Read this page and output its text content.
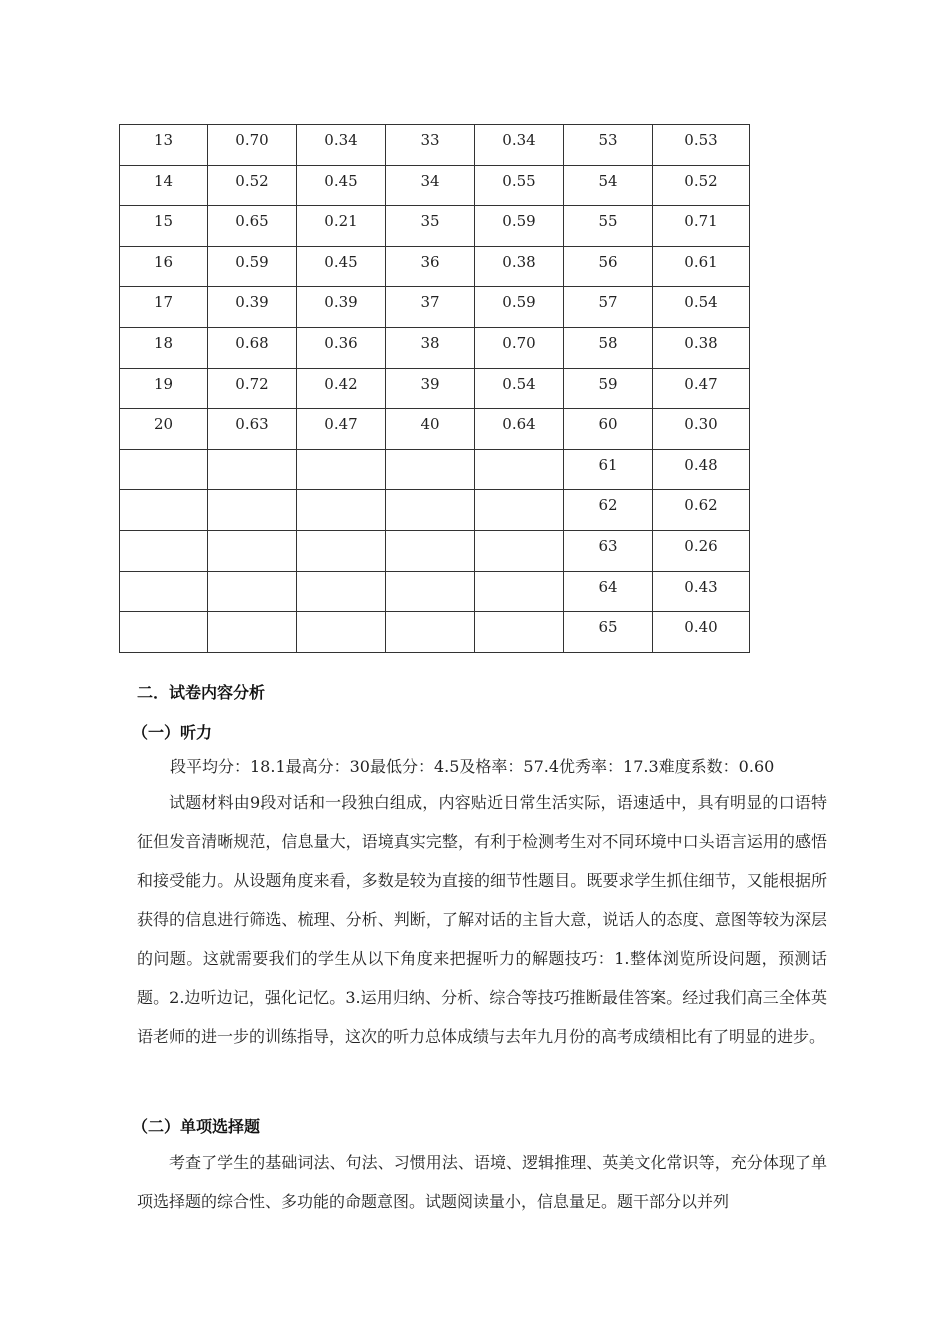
13	0.70	0.34	33	0.34	53	0.53

14	0.52	0.45	34	0.55	54	0.52

15	0.65	0.21	35	0.59	55	0.71

16	0.59	0.45	36	0.38	56	0.61

17	0.39	0.39	37	0.59	57	0.54

18	0.68	0.36	38	0.70	58	0.38

19	0.72	0.42	39	0.54	59	0.47

20	0.63	0.47	40	0.64	60	0.30

					61	0.48

					62	0.62

					63	0.26

					64	0.43

					65	0.40
二．试卷内容分析
（一）听力
段平均分：18.1最高分：30最低分：4.5及格率：57.4优秀率：17.3难度系数：0.60
试题材料由9段对话和一段独白组成，内容贴近日常生活实际，语速适中，具有明显的口语特征但发音清晰规范，信息量大，语境真实完整，有利于检测考生对不同环境中口头语言运用的感悟和接受能力。从设题角度来看，多数是较为直接的细节性题目。既要求学生抓住细节，又能根据所获得的信息进行筛选、梳理、分析、判断，了解对话的主旨大意，说话人的态度、意图等较为深层的问题。这就需要我们的学生从以下角度来把握听力的解题技巧：1.整体浏览所设问题，预测话题。2.边听边记，强化记忆。3.运用归纳、分析、综合等技巧推断最佳答案。经过我们高三全体英语老师的进一步的训练指导，这次的听力总体成绩与去年九月份的高考成绩相比有了明显的进步。
（二）单项选择题
考查了学生的基础词法、句法、习惯用法、语境、逻辑推理、英美文化常识等，充分体现了单项选择题的综合性、多功能的命题意图。试题阅读量小，信息量足。题干部分以并列
